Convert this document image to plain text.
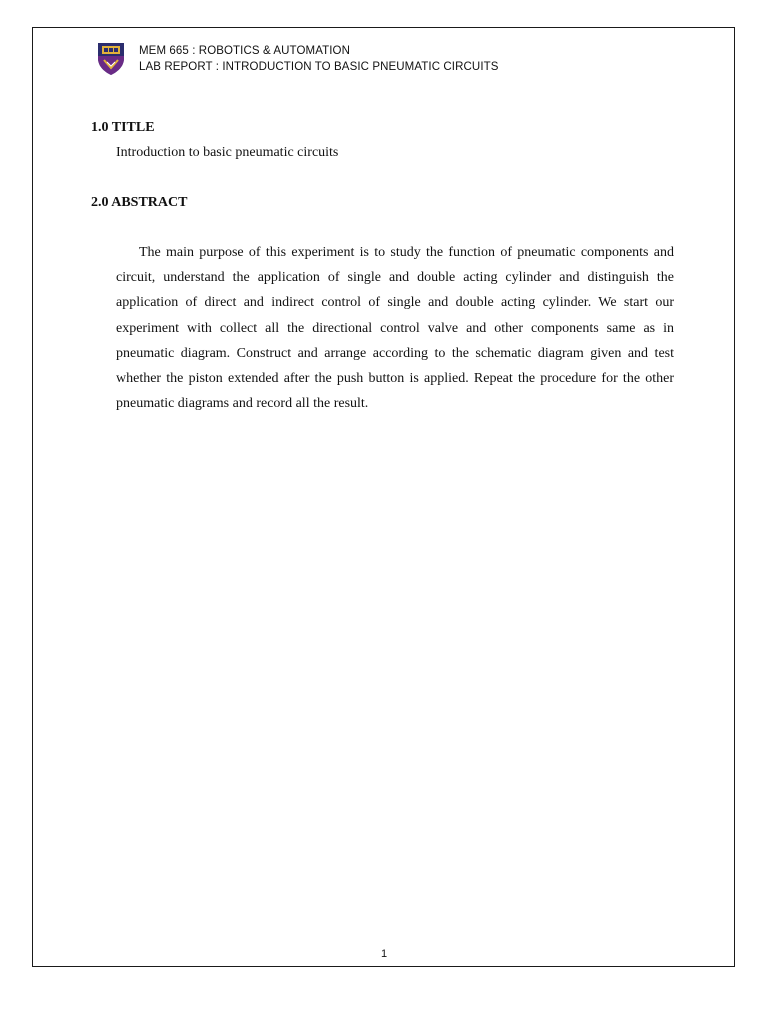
MEM 665 : ROBOTICS & AUTOMATION
LAB REPORT : INTRODUCTION TO BASIC PNEUMATIC CIRCUITS
1.0 TITLE
Introduction to basic pneumatic circuits
2.0 ABSTRACT

The main purpose of this experiment is to study the function of pneumatic components and circuit, understand the application of single and double acting cylinder and distinguish the application of direct and indirect control of single and double acting cylinder. We start our experiment with collect all the directional control valve and other components same as in pneumatic diagram. Construct and arrange according to the schematic diagram given and test whether the piston extended after the push button is applied. Repeat the procedure for the other pneumatic diagrams and record all the result.

1
